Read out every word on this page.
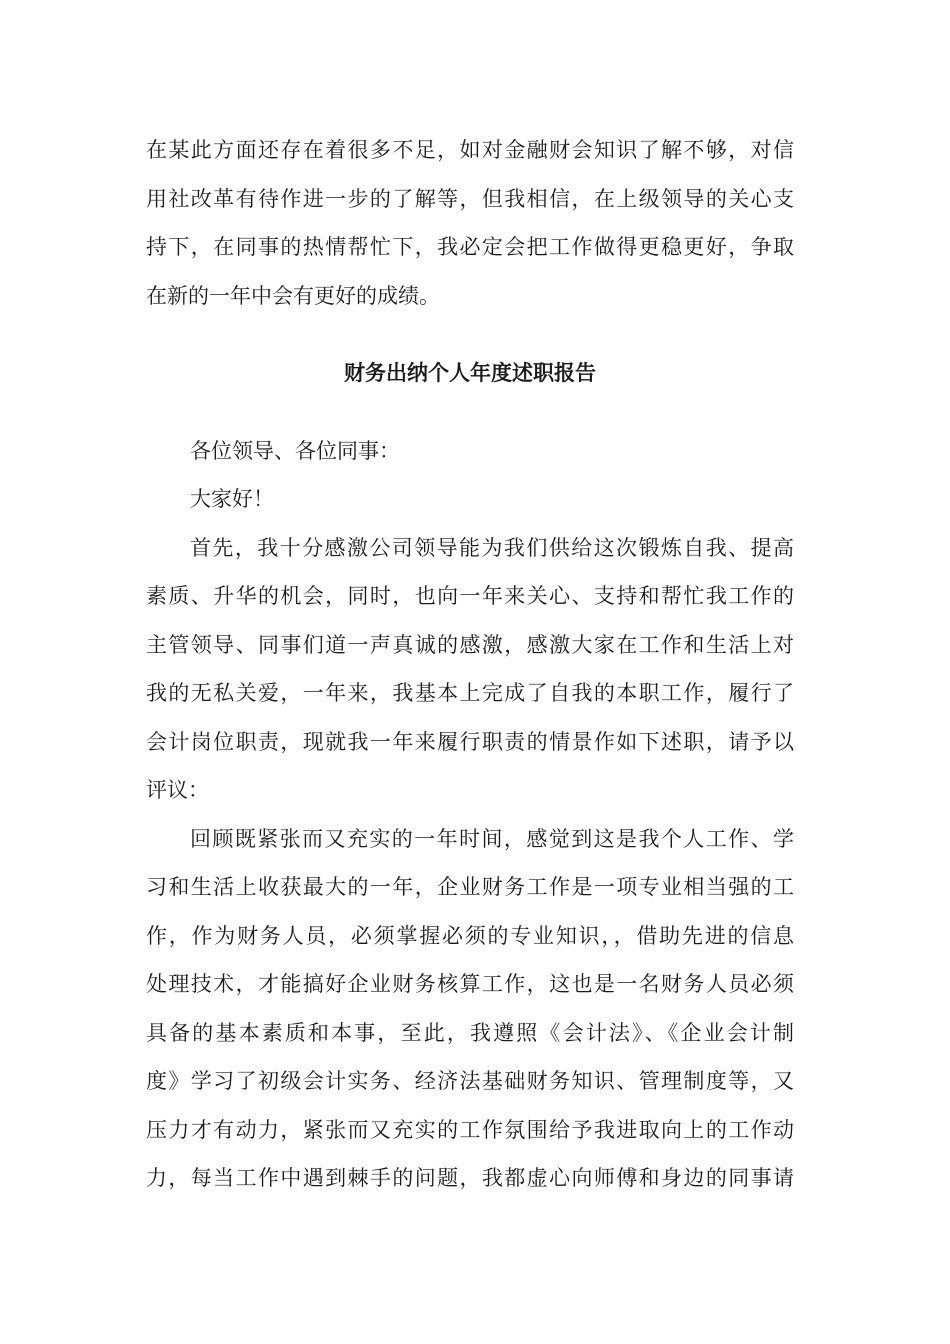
在某此方面还存在着很多不足，如对金融财会知识了解不够，对信
用社改革有待作进一步的了解等，但我相信，在上级领导的关心支
持下，在同事的热情帮忙下，我必定会把工作做得更稳更好，争取
在新的一年中会有更好的成绩。
财务出纳个人年度述职报告
各位领导、各位同事：
大家好！
首先，我十分感激公司领导能为我们供给这次锻炼自我、提高
素质、升华的机会，同时，也向一年来关心、支持和帮忙我工作的
主管领导、同事们道一声真诚的感激，感激大家在工作和生活上对
我的无私关爱，一年来，我基本上完成了自我的本职工作，履行了
会计岗位职责，现就我一年来履行职责的情景作如下述职，请予以
评议：
回顾既紧张而又充实的一年时间，感觉到这是我个人工作、学
习和生活上收获最大的一年，企业财务工作是一项专业相当强的工
作，作为财务人员，必须掌握必须的专业知识，，借助先进的信息
处理技术，才能搞好企业财务核算工作，这也是一名财务人员必须
具备的基本素质和本事，至此，我遵照《会计法》、《企业会计制
度》学习了初级会计实务、经济法基础财务知识、管理制度等，又
压力才有动力，紧张而又充实的工作氛围给予我进取向上的工作动
力，每当工作中遇到棘手的问题，我都虚心向师傅和身边的同事请
